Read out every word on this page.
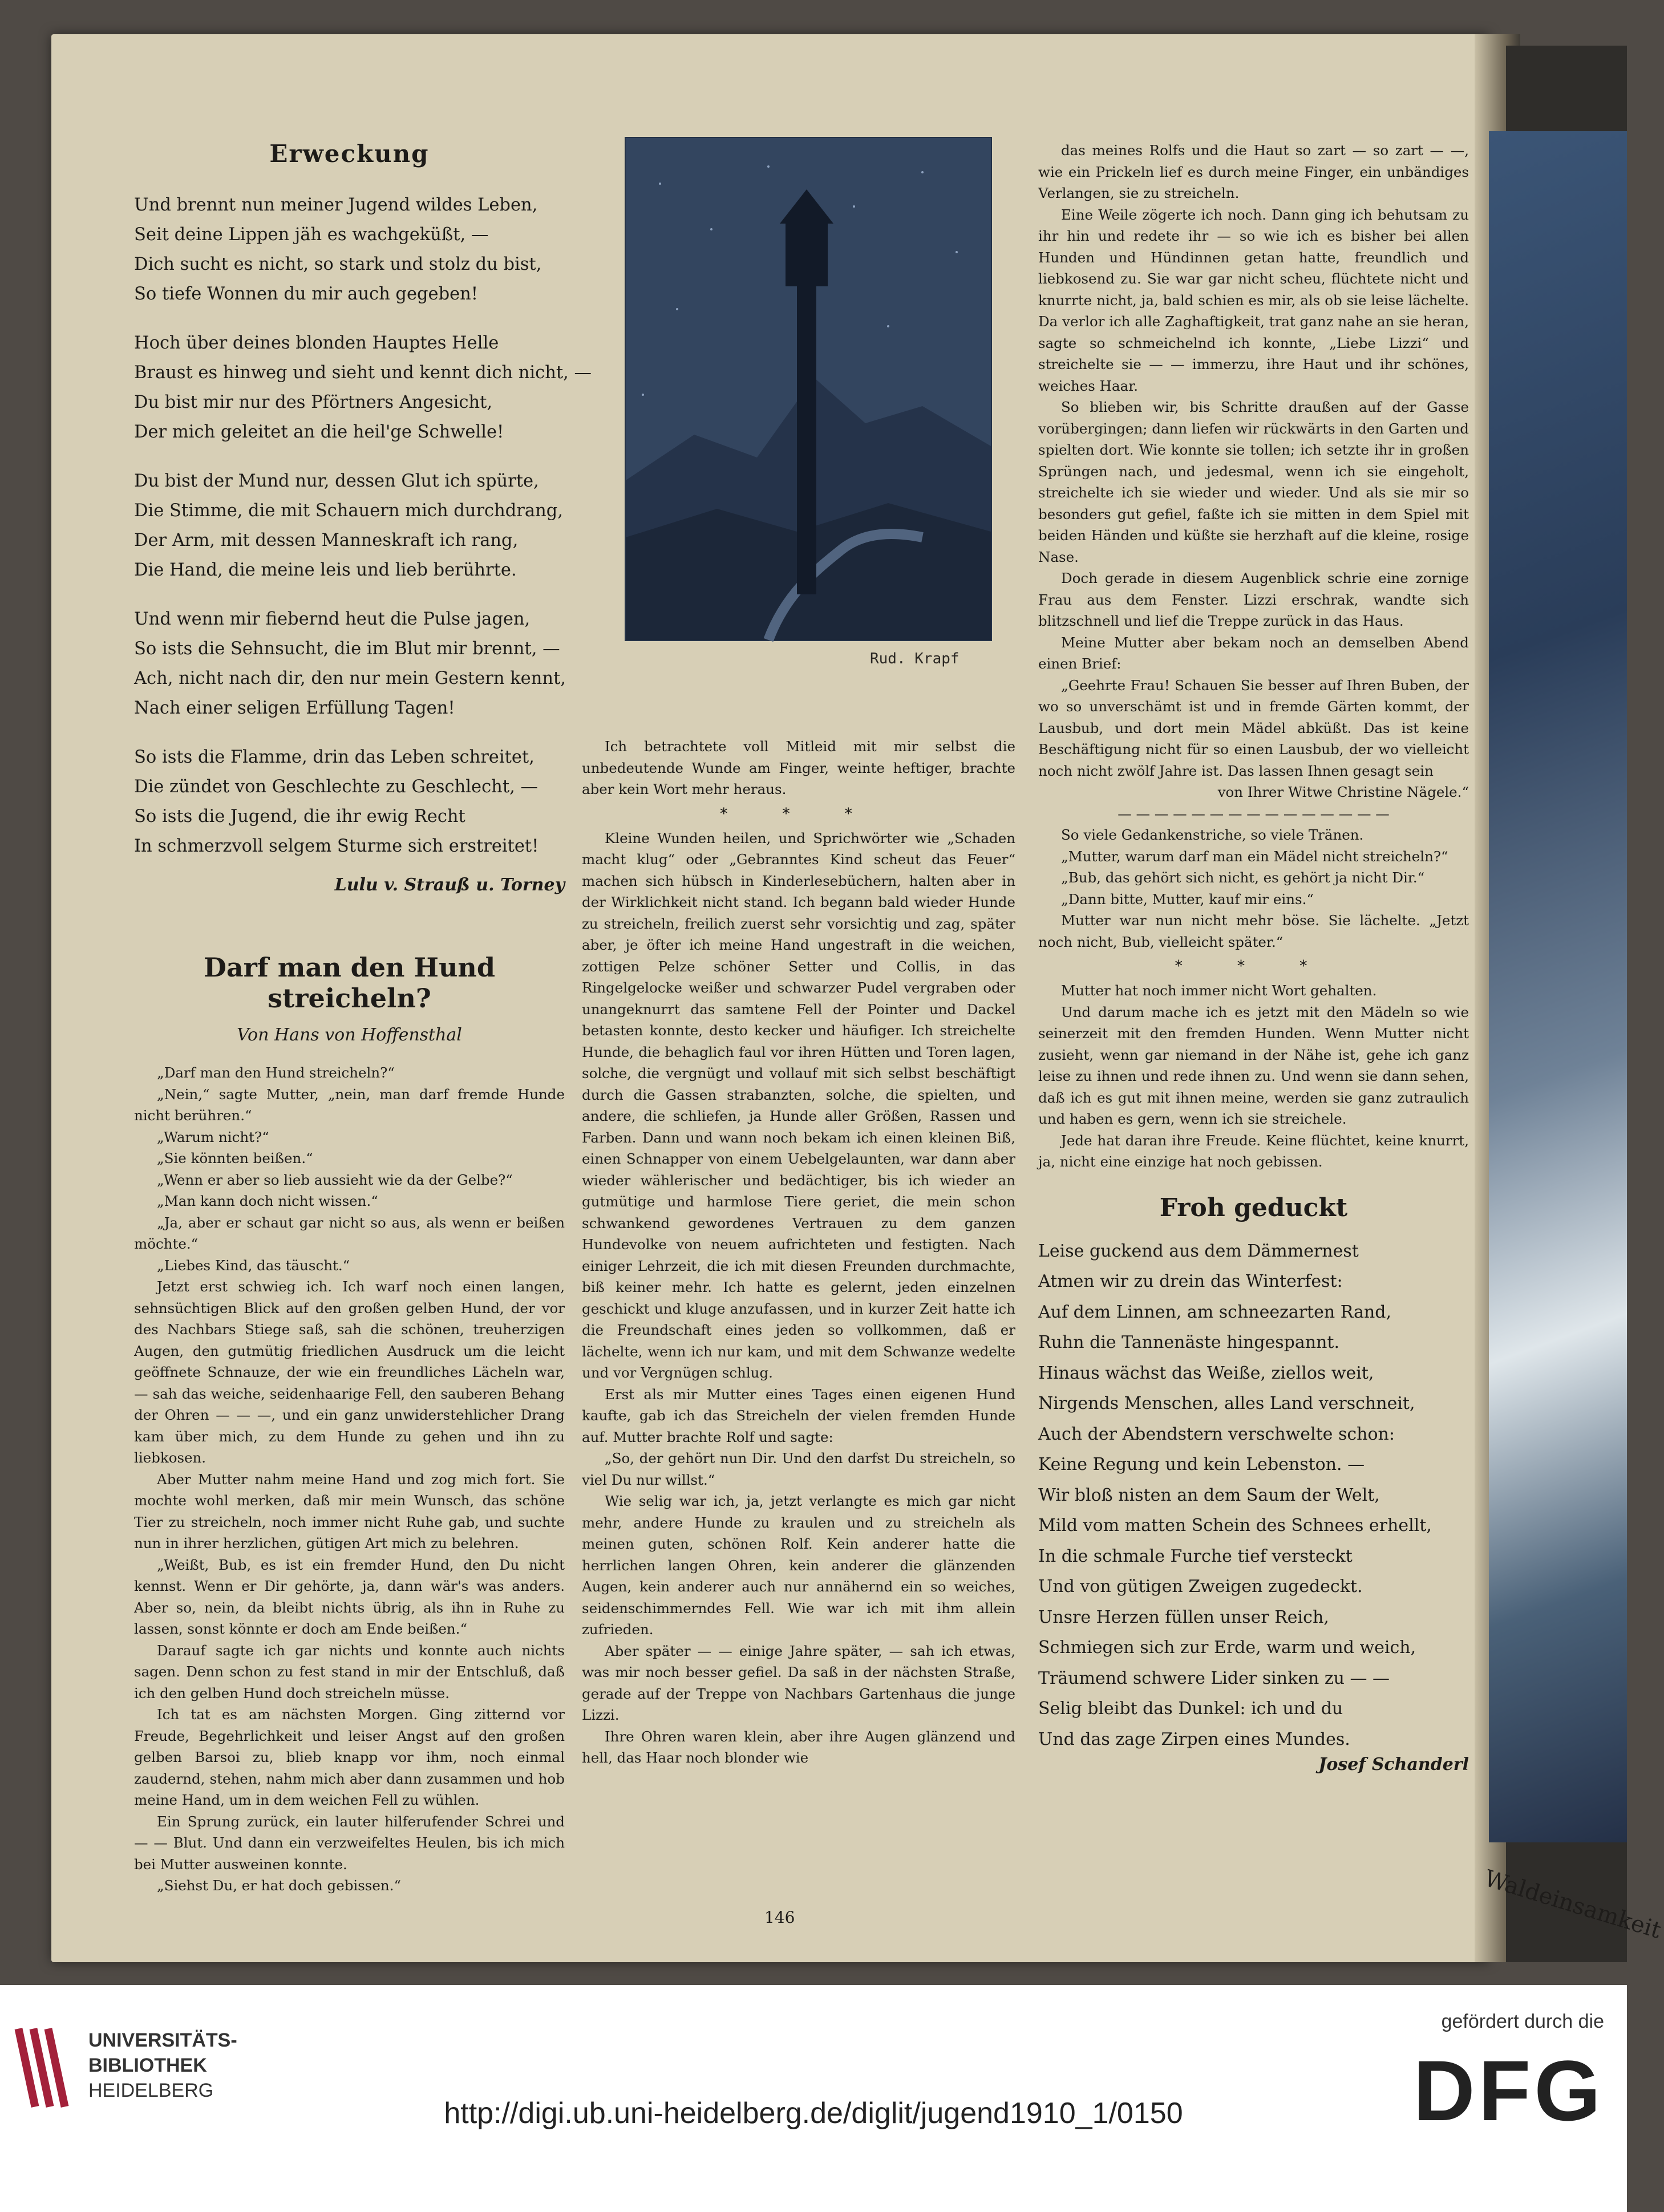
Waldeinsamkeit
Erweckung
Und brennt nun meiner Jugend wildes Leben,
Seit deine Lippen jäh es wachgeküßt, —
Dich sucht es nicht, so stark und stolz du bist,
So tiefe Wonnen du mir auch gegeben!
Hoch über deines blonden Hauptes Helle
Braust es hinweg und sieht und kennt dich nicht, —
Du bist mir nur des Pförtners Angesicht,
Der mich geleitet an die heil'ge Schwelle!
Du bist der Mund nur, dessen Glut ich spürte,
Die Stimme, die mit Schauern mich durchdrang,
Der Arm, mit dessen Manneskraft ich rang,
Die Hand, die meine leis und lieb berührte.
Und wenn mir fiebernd heut die Pulse jagen,
So ists die Sehnsucht, die im Blut mir brennt, —
Ach, nicht nach dir, den nur mein Gestern kennt,
Nach einer seligen Erfüllung Tagen!
So ists die Flamme, drin das Leben schreitet,
Die zündet von Geschlechte zu Geschlecht, —
So ists die Jugend, die ihr ewig Recht
In schmerzvoll selgem Sturme sich erstreitet!
Lulu v. Strauß u. Torney
Darf man den Hund streicheln?
Von Hans von Hoffensthal

„Darf man den Hund streicheln?“

„Nein,“ sagte Mutter, „nein, man darf fremde Hunde nicht berühren.“

„Warum nicht?“

„Sie könnten beißen.“

„Wenn er aber so lieb aussieht wie da der Gelbe?“

„Man kann doch nicht wissen.“

„Ja, aber er schaut gar nicht so aus, als wenn er beißen möchte.“

„Liebes Kind, das täuscht.“

Jetzt erst schwieg ich. Ich warf noch einen langen, sehnsüchtigen Blick auf den großen gelben Hund, der vor des Nachbars Stiege saß, sah die schönen, treuherzigen Augen, den gutmütig friedlichen Ausdruck um die leicht geöffnete Schnauze, der wie ein freundliches Lächeln war, — sah das weiche, seidenhaarige Fell, den sauberen Behang der Ohren — — —, und ein ganz unwiderstehlicher Drang kam über mich, zu dem Hunde zu gehen und ihn zu liebkosen.

Aber Mutter nahm meine Hand und zog mich fort. Sie mochte wohl merken, daß mir mein Wunsch, das schöne Tier zu streicheln, noch immer nicht Ruhe gab, und suchte nun in ihrer herzlichen, gütigen Art mich zu belehren.

„Weißt, Bub, es ist ein fremder Hund, den Du nicht kennst. Wenn er Dir gehörte, ja, dann wär's was anders. Aber so, nein, da bleibt nichts übrig, als ihn in Ruhe zu lassen, sonst könnte er doch am Ende beißen.“

Darauf sagte ich gar nichts und konnte auch nichts sagen. Denn schon zu fest stand in mir der Entschluß, daß ich den gelben Hund doch streicheln müsse.

Ich tat es am nächsten Morgen. Ging zitternd vor Freude, Begehrlichkeit und leiser Angst auf den großen gelben Barsoi zu, blieb knapp vor ihm, noch einmal zaudernd, stehen, nahm mich aber dann zusammen und hob meine Hand, um in dem weichen Fell zu wühlen.

Ein Sprung zurück, ein lauter hilferufender Schrei und — — Blut. Und dann ein verzweifeltes Heulen, bis ich mich bei Mutter ausweinen konnte.

„Siehst Du, er hat doch gebissen.“

Rud. Krapf

Ich betrachtete voll Mitleid mit mir selbst die unbedeutende Wunde am Finger, weinte heftiger, brachte aber kein Wort mehr heraus.

* * *

Kleine Wunden heilen, und Sprichwörter wie „Schaden macht klug“ oder „Gebranntes Kind scheut das Feuer“ machen sich hübsch in Kinderlesebüchern, halten aber in der Wirklichkeit nicht stand. Ich begann bald wieder Hunde zu streicheln, freilich zuerst sehr vorsichtig und zag, später aber, je öfter ich meine Hand ungestraft in die weichen, zottigen Pelze schöner Setter und Collis, in das Ringelgelocke weißer und schwarzer Pudel vergraben oder unangeknurrt das samtene Fell der Pointer und Dackel betasten konnte, desto kecker und häufiger. Ich streichelte Hunde, die behaglich faul vor ihren Hütten und Toren lagen, solche, die vergnügt und vollauf mit sich selbst beschäftigt durch die Gassen strabanzten, solche, die spielten, und andere, die schliefen, ja Hunde aller Größen, Rassen und Farben. Dann und wann noch bekam ich einen kleinen Biß, einen Schnapper von einem Uebelgelaunten, war dann aber wieder wählerischer und bedächtiger, bis ich wieder an gutmütige und harmlose Tiere geriet, die mein schon schwankend gewordenes Vertrauen zu dem ganzen Hundevolke von neuem aufrichteten und festigten. Nach einiger Lehrzeit, die ich mit diesen Freunden durchmachte, biß keiner mehr. Ich hatte es gelernt, jeden einzelnen geschickt und kluge anzufassen, und in kurzer Zeit hatte ich die Freundschaft eines jeden so vollkommen, daß er lächelte, wenn ich nur kam, und mit dem Schwanze wedelte und vor Vergnügen schlug.

Erst als mir Mutter eines Tages einen eigenen Hund kaufte, gab ich das Streicheln der vielen fremden Hunde auf. Mutter brachte Rolf und sagte:

„So, der gehört nun Dir. Und den darfst Du streicheln, so viel Du nur willst.“

Wie selig war ich, ja, jetzt verlangte es mich gar nicht mehr, andere Hunde zu kraulen und zu streicheln als meinen guten, schönen Rolf. Kein anderer hatte die herrlichen langen Ohren, kein anderer die glänzenden Augen, kein anderer auch nur annähernd ein so weiches, seidenschimmerndes Fell. Wie war ich mit ihm allein zufrieden.

Aber später — — einige Jahre später, — sah ich etwas, was mir noch besser gefiel. Da saß in der nächsten Straße, gerade auf der Treppe von Nachbars Gartenhaus die junge Lizzi.

Ihre Ohren waren klein, aber ihre Augen glänzend und hell, das Haar noch blonder wie

das meines Rolfs und die Haut so zart — so zart — —, wie ein Prickeln lief es durch meine Finger, ein unbändiges Verlangen, sie zu streicheln.

Eine Weile zögerte ich noch. Dann ging ich behutsam zu ihr hin und redete ihr — so wie ich es bisher bei allen Hunden und Hündinnen getan hatte, freundlich und liebkosend zu. Sie war gar nicht scheu, flüchtete nicht und knurrte nicht, ja, bald schien es mir, als ob sie leise lächelte. Da verlor ich alle Zaghaftigkeit, trat ganz nahe an sie heran, sagte so schmeichelnd ich konnte, „Liebe Lizzi“ und streichelte sie — — immerzu, ihre Haut und ihr schönes, weiches Haar.

So blieben wir, bis Schritte draußen auf der Gasse vorübergingen; dann liefen wir rückwärts in den Garten und spielten dort. Wie konnte sie tollen; ich setzte ihr in großen Sprüngen nach, und jedesmal, wenn ich sie eingeholt, streichelte ich sie wieder und wieder. Und als sie mir so besonders gut gefiel, faßte ich sie mitten in dem Spiel mit beiden Händen und küßte sie herzhaft auf die kleine, rosige Nase.

Doch gerade in diesem Augenblick schrie eine zornige Frau aus dem Fenster. Lizzi erschrak, wandte sich blitzschnell und lief die Treppe zurück in das Haus.

Meine Mutter aber bekam noch an demselben Abend einen Brief:

„Geehrte Frau! Schauen Sie besser auf Ihren Buben, der wo so unverschämt ist und in fremde Gärten kommt, der Lausbub, und dort mein Mädel abküßt. Das ist keine Beschäftigung nicht für so einen Lausbub, der wo vielleicht noch nicht zwölf Jahre ist. Das lassen Ihnen gesagt sein

von Ihrer Witwe Christine Nägele.“

— — — — — — — — — — — — — — —

So viele Gedankenstriche, so viele Tränen.

„Mutter, warum darf man ein Mädel nicht streicheln?“

„Bub, das gehört sich nicht, es gehört ja nicht Dir.“

„Dann bitte, Mutter, kauf mir eins.“

Mutter war nun nicht mehr böse. Sie lächelte. „Jetzt noch nicht, Bub, vielleicht später.“

* * *

Mutter hat noch immer nicht Wort gehalten.

Und darum mache ich es jetzt mit den Mädeln so wie seinerzeit mit den fremden Hunden. Wenn Mutter nicht zusieht, wenn gar niemand in der Nähe ist, gehe ich ganz leise zu ihnen und rede ihnen zu. Und wenn sie dann sehen, daß ich es gut mit ihnen meine, werden sie ganz zutraulich und haben es gern, wenn ich sie streichele.

Jede hat daran ihre Freude. Keine flüchtet, keine knurrt, ja, nicht eine einzige hat noch gebissen.

Froh geduckt
Leise guckend aus dem Dämmernest
Atmen wir zu drein das Winterfest:
Auf dem Linnen, am schneezarten Rand,
Ruhn die Tannenäste hingespannt.
Hinaus wächst das Weiße, ziellos weit,
Nirgends Menschen, alles Land verschneit,
Auch der Abendstern verschwelte schon:
Keine Regung und kein Lebenston. —
Wir bloß nisten an dem Saum der Welt,
Mild vom matten Schein des Schnees erhellt,
In die schmale Furche tief versteckt
Und von gütigen Zweigen zugedeckt.
Unsre Herzen füllen unser Reich,
Schmiegen sich zur Erde, warm und weich,
Träumend schwere Lider sinken zu — —
Selig bleibt das Dunkel: ich und du
Und das zage Zirpen eines Mundes.
Josef Schanderl
146
UNIVERSITÄTS-
BIBLIOTHEK
HEIDELBERG
http://digi.ub.uni-heidelberg.de/diglit/jugend1910_1/0150
gefördert durch die
DFG
